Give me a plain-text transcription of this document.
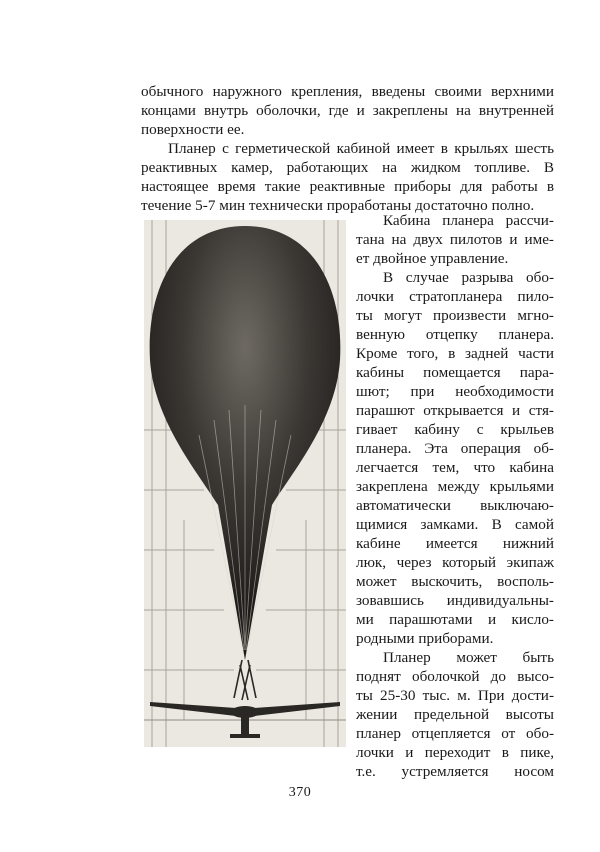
обычного наружного крепления, введены своими верхними

концами внутрь оболочки, где и закреплены на внутренней

поверхности ее.

Планер с герметической кабиной имеет в крыльях шесть

реактивных камер, работающих на жидком топливе. В

настоящее время такие реактивные приборы для работы в

течение 5-7 мин технически проработаны достаточно полно.

Кабина планера рассчи-

тана на двух пилотов и име-

ет двойное управление.

В случае разрыва обо-

лочки стратопланера пило-

ты могут произвести мгно-

венную отцепку планера.

Кроме того, в задней части

кабины помещается пара-

шют; при необходимости

парашют открывается и стя-

гивает кабину с крыльев

планера. Эта операция об-

легчается тем, что кабина

закреплена между крыльями

автоматически выключаю-

щимися замками. В самой

кабине имеется нижний

люк, через который экипаж

может выскочить, восполь-

зовавшись индивидуальны-

ми парашютами и кисло-

родными приборами.

Планер может быть

поднят оболочкой до высо-

ты 25-30 тыс. м. При дости-

жении предельной высоты

планер отцепляется от обо-

лочки и переходит в пике,

т.е. устремляется носом

370
